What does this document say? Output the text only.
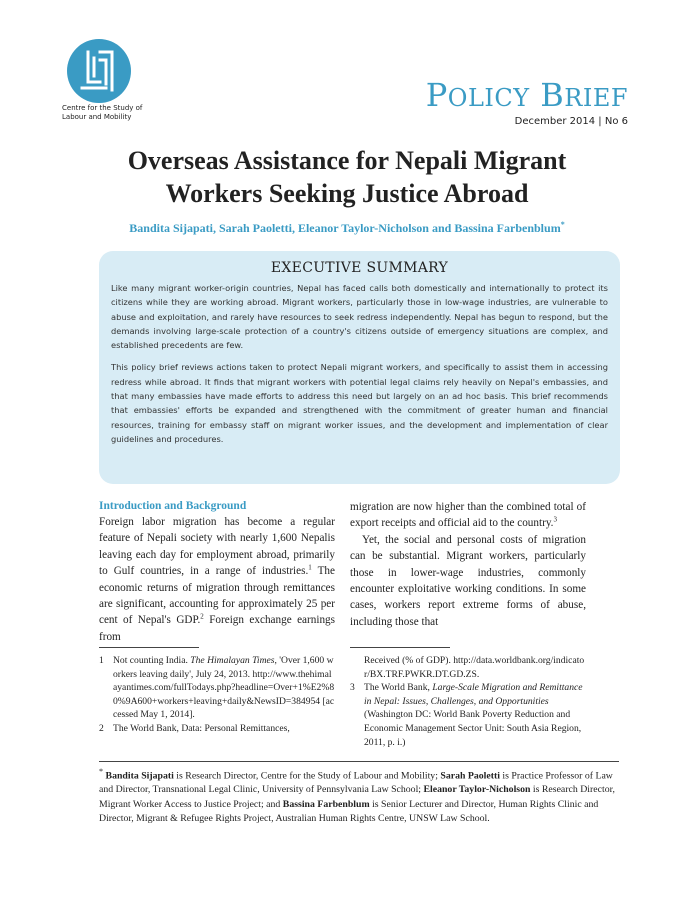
Centre for the Study of
Labour and Mobility
POLICY BRIEF
December 2014 | No 6
Overseas Assistance for Nepali Migrant
Workers Seeking Justice Abroad
Bandita Sijapati, Sarah Paoletti, Eleanor Taylor-Nicholson and Bassina Farbenblum*
EXECUTIVE SUMMARY

Like many migrant worker-origin countries, Nepal has faced calls both domestically and internationally to protect its citizens while they are working abroad. Migrant workers, particularly those in low-wage industries, are vulnerable to abuse and exploitation, and rarely have resources to seek redress independently. Nepal has begun to respond, but the demands involving large-scale protection of a country's citizens outside of emergency situations are complex, and established precedents are few.

This policy brief reviews actions taken to protect Nepali migrant workers, and specifically to assist them in accessing redress while abroad. It finds that migrant workers with potential legal claims rely heavily on Nepal's embassies, and that many embassies have made efforts to address this need but largely on an ad hoc basis. This brief recommends that embassies' efforts be expanded and strengthened with the commitment of greater human and financial resources, training for embassy staff on migrant worker issues, and the development and implementation of clear guidelines and procedures.

Introduction and Background

Foreign labor migration has become a regular feature of Nepali society with nearly 1,600 Nepalis leaving each day for employment abroad, primarily to Gulf countries, in a range of industries.$^1$ The economic returns of migration through remittances are significant, accounting for approximately 25 per cent of Nepal's GDP.$^2$ Foreign exchange earnings from

migration are now higher than the combined total of export receipts and official aid to the country.$^3$

Yet, the social and personal costs of migration can be substantial. Migrant workers, particularly those in lower-wage industries, commonly encounter exploitative working conditions. In some cases, workers report extreme forms of abuse, including those that

1 Not counting India. The Himalayan Times, 'Over 1,600 workers leaving daily', July 24, 2013. http://www.thehimalayantimes.com/fullTodays.php?headline=Over+1%E2%80%9A600+workers+leaving+daily&NewsID=384954 [accessed May 1, 2014].
2 The World Bank, Data: Personal Remittances,
Received (% of GDP). http://data.worldbank.org/indicator/BX.TRF.PWKR.DT.GD.ZS.
3 The World Bank, Large-Scale Migration and Remittance in Nepal: Issues, Challenges, and Opportunities (Washington DC: World Bank Poverty Reduction and Economic Management Sector Unit: South Asia Region, 2011, p. i.)
* Bandita Sijapati is Research Director, Centre for the Study of Labour and Mobility; Sarah Paoletti is Practice Professor of Law and Director, Transnational Legal Clinic, University of Pennsylvania Law School; Eleanor Taylor-Nicholson is Research Director, Migrant Worker Access to Justice Project; and Bassina Farbenblum is Senior Lecturer and Director, Human Rights Clinic and Director, Migrant & Refugee Rights Project, Australian Human Rights Centre, UNSW Law School.
